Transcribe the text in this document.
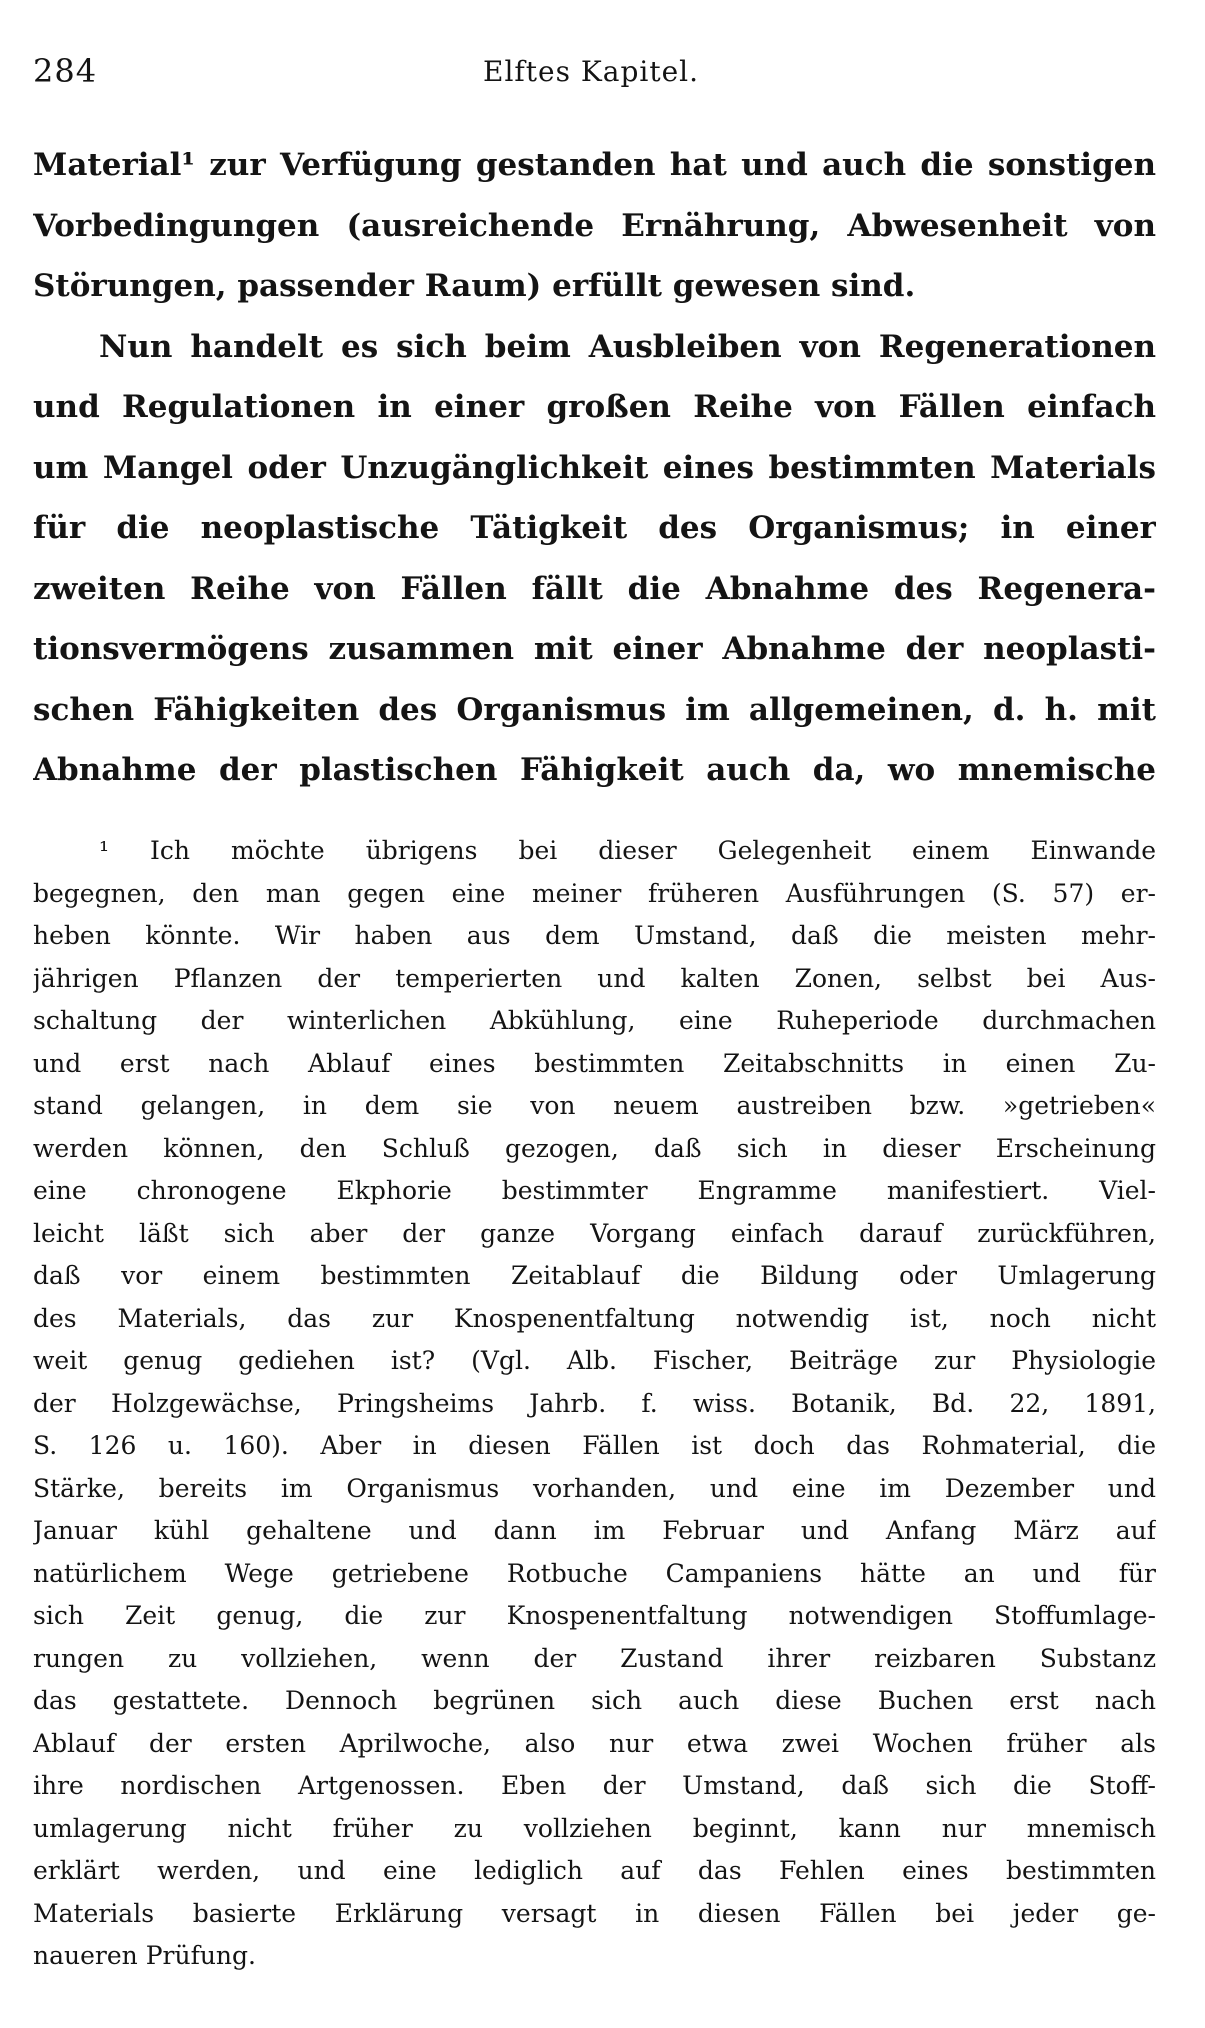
284	Elftes Kapitel.
Material¹ zur Verfügung gestanden hat und auch die sonstigen
Vorbedingungen (ausreichende Ernährung, Abwesenheit von
Störungen, passender Raum) erfüllt gewesen sind.
Nun handelt es sich beim Ausbleiben von Regenerationen
und Regulationen in einer großen Reihe von Fällen einfach
um Mangel oder Unzugänglichkeit eines bestimmten Materials
für die neoplastische Tätigkeit des Organismus; in einer
zweiten Reihe von Fällen fällt die Abnahme des Regenera-
tionsvermögens zusammen mit einer Abnahme der neoplasti-
schen Fähigkeiten des Organismus im allgemeinen, d. h. mit
Abnahme der plastischen Fähigkeit auch da, wo mnemische
¹ Ich möchte übrigens bei dieser Gelegenheit einem Einwande
begegnen, den man gegen eine meiner früheren Ausführungen (S. 57) er-
heben könnte. Wir haben aus dem Umstand, daß die meisten mehr-
jährigen Pflanzen der temperierten und kalten Zonen, selbst bei Aus-
schaltung der winterlichen Abkühlung, eine Ruheperiode durchmachen
und erst nach Ablauf eines bestimmten Zeitabschnitts in einen Zu-
stand gelangen, in dem sie von neuem austreiben bzw. »getrieben«
werden können, den Schluß gezogen, daß sich in dieser Erscheinung
eine chronogene Ekphorie bestimmter Engramme manifestiert. Viel-
leicht läßt sich aber der ganze Vorgang einfach darauf zurückführen,
daß vor einem bestimmten Zeitablauf die Bildung oder Umlagerung
des Materials, das zur Knospenentfaltung notwendig ist, noch nicht
weit genug gediehen ist? (Vgl. Alb. Fischer, Beiträge zur Physiologie
der Holzgewächse, Pringsheims Jahrb. f. wiss. Botanik, Bd. 22, 1891,
S. 126 u. 160). Aber in diesen Fällen ist doch das Rohmaterial, die
Stärke, bereits im Organismus vorhanden, und eine im Dezember und
Januar kühl gehaltene und dann im Februar und Anfang März auf
natürlichem Wege getriebene Rotbuche Campaniens hätte an und für
sich Zeit genug, die zur Knospenentfaltung notwendigen Stoffumlage-
rungen zu vollziehen, wenn der Zustand ihrer reizbaren Substanz
das gestattete. Dennoch begrünen sich auch diese Buchen erst nach
Ablauf der ersten Aprilwoche, also nur etwa zwei Wochen früher als
ihre nordischen Artgenossen. Eben der Umstand, daß sich die Stoff-
umlagerung nicht früher zu vollziehen beginnt, kann nur mnemisch
erklärt werden, und eine lediglich auf das Fehlen eines bestimmten
Materials basierte Erklärung versagt in diesen Fällen bei jeder ge-
naueren Prüfung.
